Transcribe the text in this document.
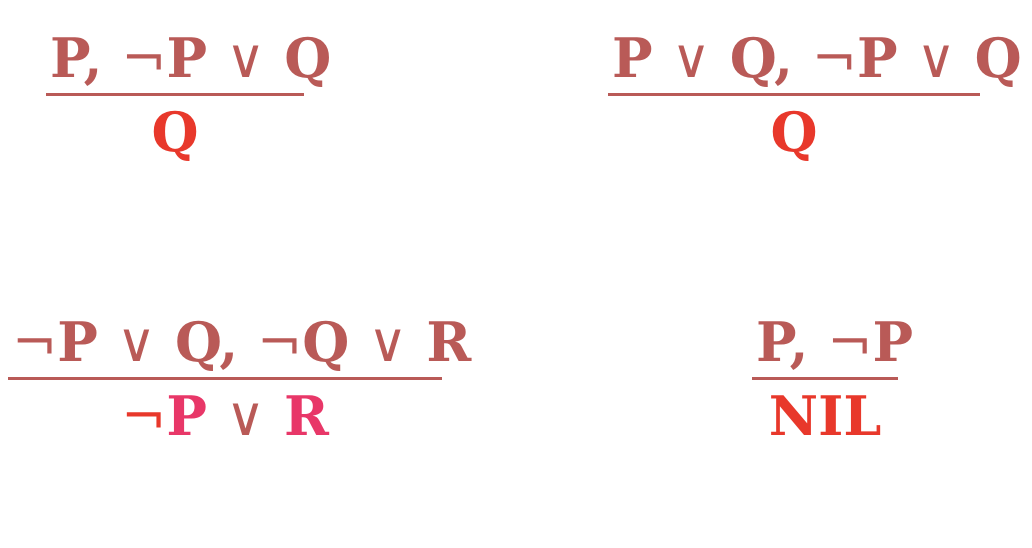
P, ¬P ∨ Q
Q
P ∨ Q, ¬P ∨ Q
Q
¬P ∨ Q, ¬Q ∨ R
¬P ∨ R
P, ¬P
NIL
